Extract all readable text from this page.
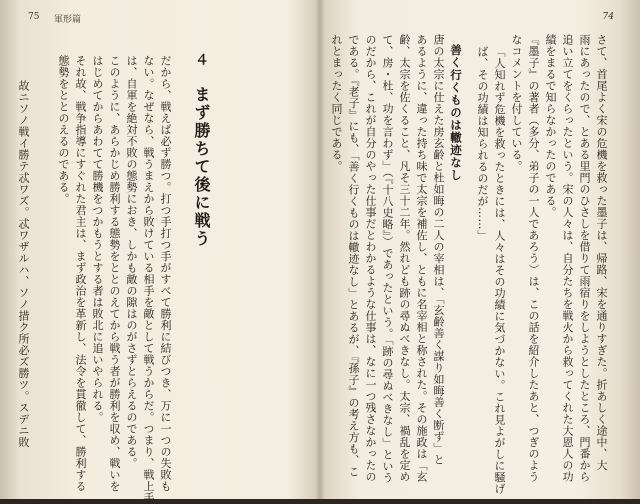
75 軍形篇
４　まず勝ちて後に戦う
だから、戦えば必ず勝つ。打つ手打つ手がすべて勝利に結びつき、万に一つの失敗も
ない。なぜなら、戦うまえから敗けている相手を敵として戦うからだ。つまり、戦上手
は、自軍を絶対不敗の態勢におき、しかも敵の隙はのがさずとらえるのである。
このように、あらかじめ勝利する態勢をととのえてから戦う者が勝利を収め、戦いを
はじめてからあわてて勝機をつかもうとする者は敗北に追いやられる。
それ故、戦争指導にすぐれた君主は、まず政治を革新し、法令を貫徹して、勝利する
態勢をととのえるのである。
故ニソノ戦イ勝テ忒ワズ。忒ワザルハ、ソノ措ク所必ズ勝ツ。スデニ敗
74
さて、首尾よく宋の危機を救った墨子は、帰路、宋を通りすぎた。折あしく途中、大
雨にあったので、とある里門のひさしを借りて雨宿りをしようとしたところ、門番から
追い立てをくらったという。宋の人々は、自分たちを戦火から救ってくれた大恩人の功
績をまるで知らなかったのである。
『墨子』の著者（多分、弟子の一人であろう）は、この話を紹介したあと、つぎのよう
なコメントを付している。
「人知れず危機を救ったときには、人々はその功績に気づかない。これ見よがしに騒げ
ば、その功績は知られるのだが……」
善く行くものは轍迹なし
唐の太宗に仕えた房玄齢と杜如晦の二人の宰相は、「玄齢善く謀り如晦善く断ず」と
あるように、違った持ち味で太宗を補佐し、ともに名宰相と称された。その施政は「玄
齢、太宗を佐くること、凡そ三十二年。然れども跡の尋ぬべきなし。太宗、禍乱を定め
て、房・杜、功を言わず」（『十八史略』）であったという。「跡の尋ぬべきなし」という
のだから、これが自分のやった仕事だとわかるような仕事は、なに一つ残さなかったの
である。『老子』にも、「善く行くものは轍迹なし」とあるが、『孫子』の考え方も、こ
れとまったく同じである。
